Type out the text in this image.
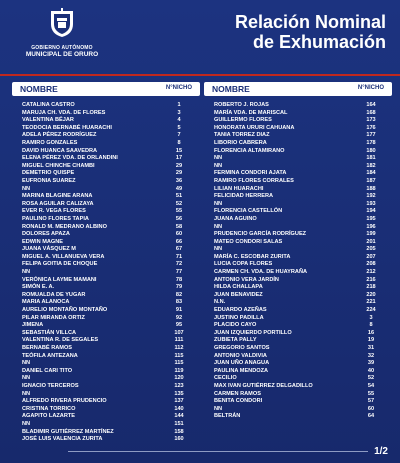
GOBIERNO AUTÓNOMO
MUNICIPAL DE ORURO
Relación Nominal
de Exhumación
NOMBRE	N°NICHO
CATALINA CASTRO	1
MARUJA CH. VDA. DE FLORES	3
VALENTINA BÉJAR	4
TEODOCIA BERNABÉ HUARACHI	5
ADELA PÉREZ RODRÍGUEZ	7
RAMIRO GONZALES	8
DAVID HUANCA SAAVEDRA	15
ELENA PÉREZ VDA. DE ORLANDINI	17
MIGUEL CHINCHE CHAMBI	29
DEMETRIO QUISPE	29
EUFRONIA SUAREZ	36
NN	49
MARINA BLAGINE ARANA	51
ROSA AGUILAR CALIZAYA	52
EVER R. VEGA FLORES	55
PAULINO FLORES TAPIA	56
RONALD M. MEDRANO ALBINO	58
DOLORES APAZA	60
EDWIN MAGNE	66
JUANA VÁSQUEZ M	67
MIGUEL A. VILLANUEVA VERA	71
FELIPA GOITIA DE CHOQUE	72
NN	77
VERÓNICA LAYME MAMANI	78
SIMÓN E. A.	79
ROMUALDA DE YUGAR	82
MARIA ALANOCA	83
AURELIO MONTAÑO MONTAÑO	91
PILAR MIRANDA ORTIZ	92
JIMENA	95
SEBASTIÁN VILLCA	107
VALENTINA R. DE SEGALES	111
BERNABÉ RAMOS	112
TEÓFILA ANTEZANA	115
NN	115
DANIEL CARI TITO	119
NN	120
IGNACIO TERCEROS	123
NN	135
ALFREDO RIVERA PRUDENCIO	137
CRISTINA TORRICO	140
AGAPITO LAZARTE	144
NN	151
BLADIMIR GUTIÉRREZ MARTÍNEZ	158
JOSÉ LUIS VALENCIA ZURITA	160
NOMBRE	N°NICHO
ROBERTO J. ROJAS	164
MARÍA VDA. DE MARISCAL	168
GUILLERMO FLORES	173
HONORATA URURI CAHUANA	176
TANIA TORREZ DIAZ	177
LIBORIO CABRERA	178
FLORENCIA ALTAMIRANO	180
NN	181
NN	182
FERMINA CONDORI AJATA	184
RAMIRO FLORES CORRALES	187
LILIAN HUARACHI	188
FELICIDAD HERRERA	192
NN	193
FLORENCIA CASTELLÓN	194
JUANA AGUINO	195
NN	196
PRUDENCIO GARCÍA RODRÍGUEZ	199
MATEO CONDORI SALAS	201
NN	205
MARÍA C. ESCOBAR ZURITA	207
LUCIA COPA FLORES	208
CARMEN CH. VDA. DE HUAYRAÑA	212
ANTONIO VERA JARDÍN	216
HILDA CHALLAPA	218
JUAN BENAVIDEZ	220
N.N.	221
EDUARDO AZEÑAS	224
JUSTINO PADILLA	3
PLACIDO CAYO	8
JUAN IZQUIERDO PORTILLO	16
ZUBIETA PALLY	19
GREGORIO SANTOS	31
ANTONIO VALDIVIA	32
JUAN UÑO ANAGUA	39
PAULINA MENDOZA	40
CECILIO	52
MAX IVAN GUTIÉRREZ DELGADILLO	54
CARMEN RAMOS	55
BENITA CONDORI	57
NN	60
BELTRÁN	64
1/2
